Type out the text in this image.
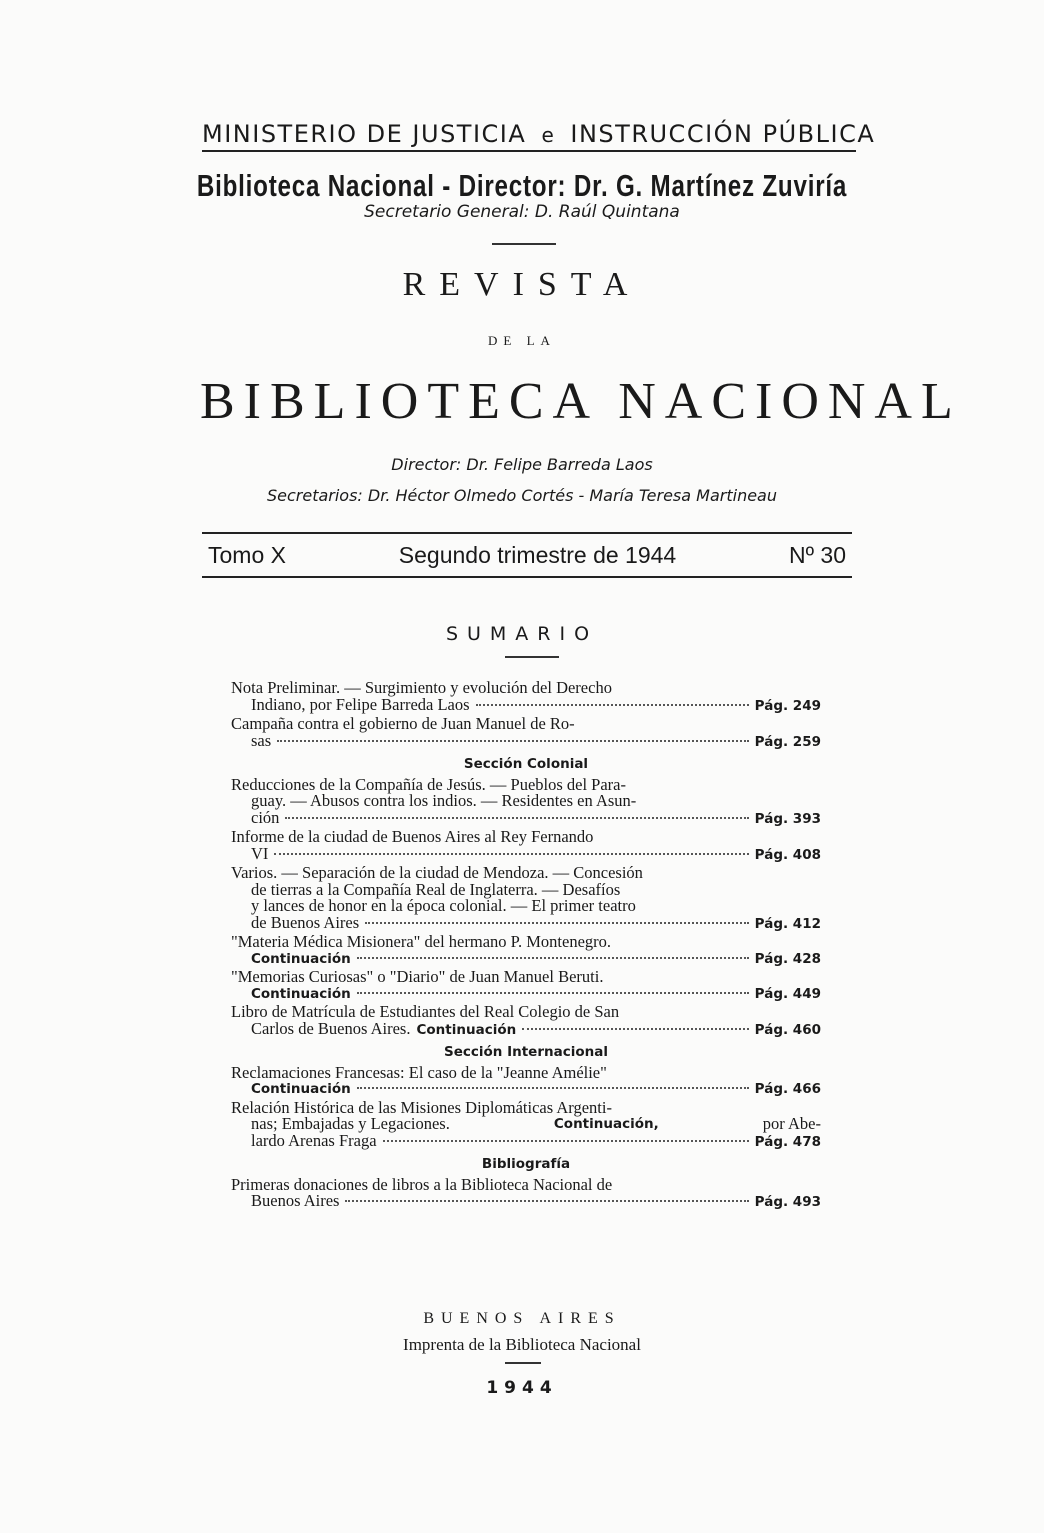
MINISTERIO DE JUSTICIA e INSTRUCCIÓN PÚBLICA
Biblioteca Nacional - Director: Dr. G. Martínez Zuviría
Secretario General: D. Raúl Quintana
REVISTA
DE LA
BIBLIOTECA NACIONAL
Director: Dr. Felipe Barreda Laos
Secretarios: Dr. Héctor Olmedo Cortés - María Teresa Martineau
Tomo X	Segundo trimestre de 1944	Nº 30
SUMARIO
Nota Preliminar. — Surgimiento y evolución del Derecho
Indiano, por Felipe Barreda Laos	Pág. 249
Campaña contra el gobierno de Juan Manuel de Ro-
sas	Pág. 259
Sección Colonial
Reducciones de la Compañía de Jesús. — Pueblos del Para-
guay. — Abusos contra los indios. — Residentes en Asun-
ción	Pág. 393
Informe de la ciudad de Buenos Aires al Rey Fernando
VI	Pág. 408
Varios. — Separación de la ciudad de Mendoza. — Concesión
de tierras a la Compañía Real de Inglaterra. — Desafíos
y lances de honor en la época colonial. — El primer teatro
de Buenos Aires	Pág. 412
"Materia Médica Misionera" del hermano P. Montenegro.
Continuación	Pág. 428
"Memorias Curiosas" o "Diario" de Juan Manuel Beruti.
Continuación	Pág. 449
Libro de Matrícula de Estudiantes del Real Colegio de San
Carlos de Buenos Aires. Continuación	Pág. 460
Sección Internacional
Reclamaciones Francesas: El caso de la "Jeanne Amélie"
Continuación	Pág. 466
Relación Histórica de las Misiones Diplomáticas Argenti-
nas; Embajadas y Legaciones.	Continuación,	por Abe-
lardo Arenas Fraga	Pág. 478
Bibliografía
Primeras donaciones de libros a la Biblioteca Nacional de
Buenos Aires	Pág. 493
BUENOS AIRES
Imprenta de la Biblioteca Nacional
1944
